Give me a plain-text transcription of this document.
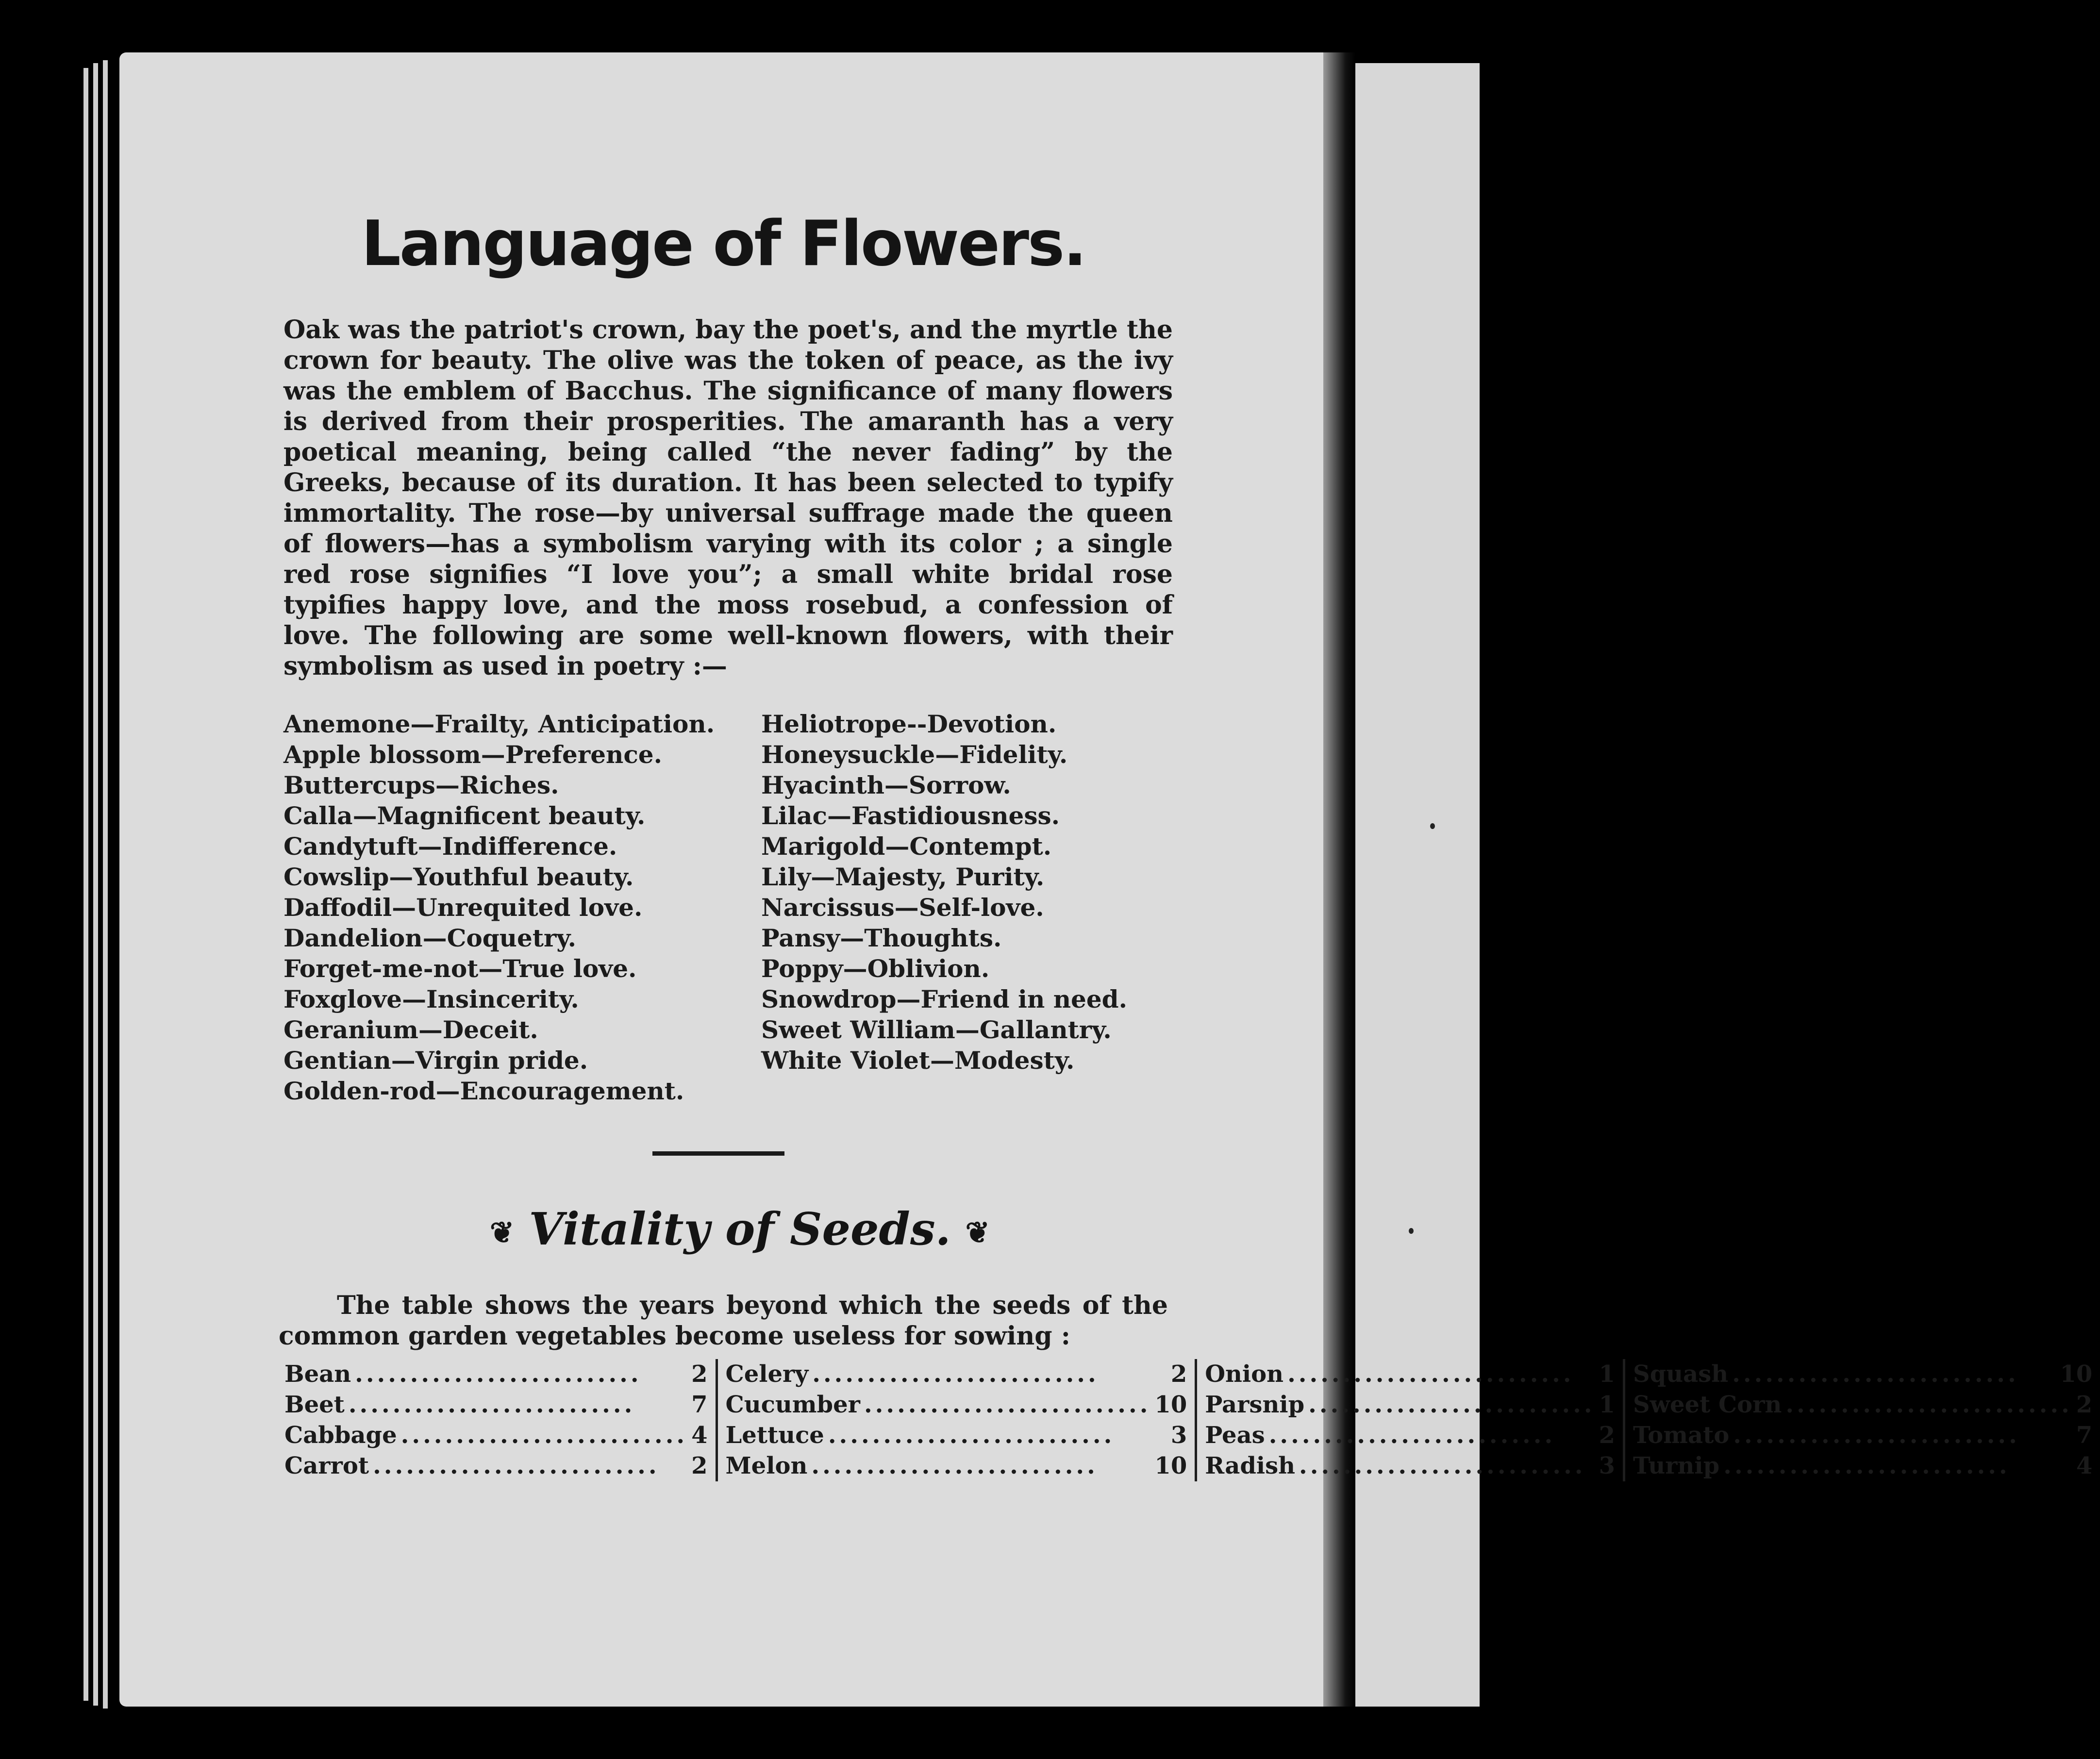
Language of Flowers.
Oak was the patriot's crown, bay the poet's, and the myrtle the crown for beauty. The olive was the token of peace, as the ivy was the emblem of Bacchus. The significance of many flowers is derived from their prosperities. The amaranth has a very poetical meaning, being called “the never fading” by the Greeks, because of its duration. It has been selected to typify immortality. The rose—by universal suffrage made the queen of flowers—has a symbolism varying with its color ; a single red rose signifies “I love you”; a small white bridal rose typifies happy love, and the moss rosebud, a confession of love. The following are some well-known flowers, with their symbolism as used in poetry :—
Anemone—Frailty, Anticipation.
Apple blossom—Preference.
Buttercups—Riches.
Calla—Magnificent beauty.
Candytuft—Indifference.
Cowslip—Youthful beauty.
Daffodil—Unrequited love.
Dandelion—Coquetry.
Forget-me-not—True love.
Foxglove—Insincerity.
Geranium—Deceit.
Gentian—Virgin pride.
Golden-rod—Encouragement.
Heliotrope--Devotion.
Honeysuckle—Fidelity.
Hyacinth—Sorrow.
Lilac—Fastidiousness.
Marigold—Contempt.
Lily—Majesty, Purity.
Narcissus—Self-love.
Pansy—Thoughts.
Poppy—Oblivion.
Snowdrop—Friend in need.
Sweet William—Gallantry.
White Violet—Modesty.
❦ Vitality of Seeds. ❦
The table shows the years beyond which the seeds of the common garden vegetables become useless for sowing :
Bean ..........................	2
Beet ..........................	7
Cabbage .......................... 4
Carrot ..........................	2
Celery ..........................	2
Cucumber .......................... 10
Lettuce ..........................	3
Melon ..........................	10
Onion ..........................	1
Parsnip .......................... 1
Peas ..........................	2
Radish .......................... 3
Squash ..........................	10
Sweet Corn .......................... 2
Tomato ..........................	7
Turnip ..........................	4
